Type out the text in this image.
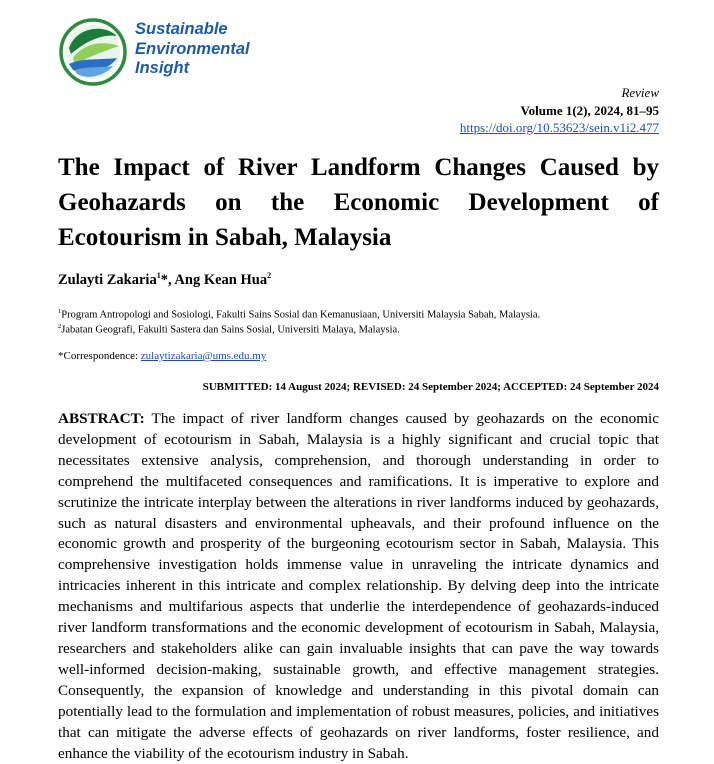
Sustainable
Environmental
Insight
Review
Volume 1(2), 2024, 81–95
https://doi.org/10.53623/sein.v1i2.477
The Impact of River Landform Changes Caused by Geohazards on the Economic Development of Ecotourism in Sabah, Malaysia
Zulayti Zakaria$^1$*, Ang Kean Hua$^2$
$^1$Program Antropologi and Sosiologi, Fakulti Sains Sosial dan Kemanusiaan, Universiti Malaysia Sabah, Malaysia.
$^2$Jabatan Geografi, Fakulti Sastera dan Sains Sosial, Universiti Malaya, Malaysia.
*Correspondence: zulaytizakaria@ums.edu.my
SUBMITTED: 14 August 2024; REVISED: 24 September 2024; ACCEPTED: 24 September 2024

ABSTRACT: The impact of river landform changes caused by geohazards on the economic development of ecotourism in Sabah, Malaysia is a highly significant and crucial topic that necessitates extensive analysis, comprehension, and thorough understanding in order to comprehend the multifaceted consequences and ramifications. It is imperative to explore and scrutinize the intricate interplay between the alterations in river landforms induced by geohazards, such as natural disasters and environmental upheavals, and their profound influence on the economic growth and prosperity of the burgeoning ecotourism sector in Sabah, Malaysia. This comprehensive investigation holds immense value in unraveling the intricate dynamics and intricacies inherent in this intricate and complex relationship. By delving deep into the intricate mechanisms and multifarious aspects that underlie the interdependence of geohazards-induced river landform transformations and the economic development of ecotourism in Sabah, Malaysia, researchers and stakeholders alike can gain invaluable insights that can pave the way towards well-informed decision-making, sustainable growth, and effective management strategies. Consequently, the expansion of knowledge and understanding in this pivotal domain can potentially lead to the formulation and implementation of robust measures, policies, and initiatives that can mitigate the adverse effects of geohazards on river landforms, foster resilience, and enhance the viability of the ecotourism industry in Sabah.
